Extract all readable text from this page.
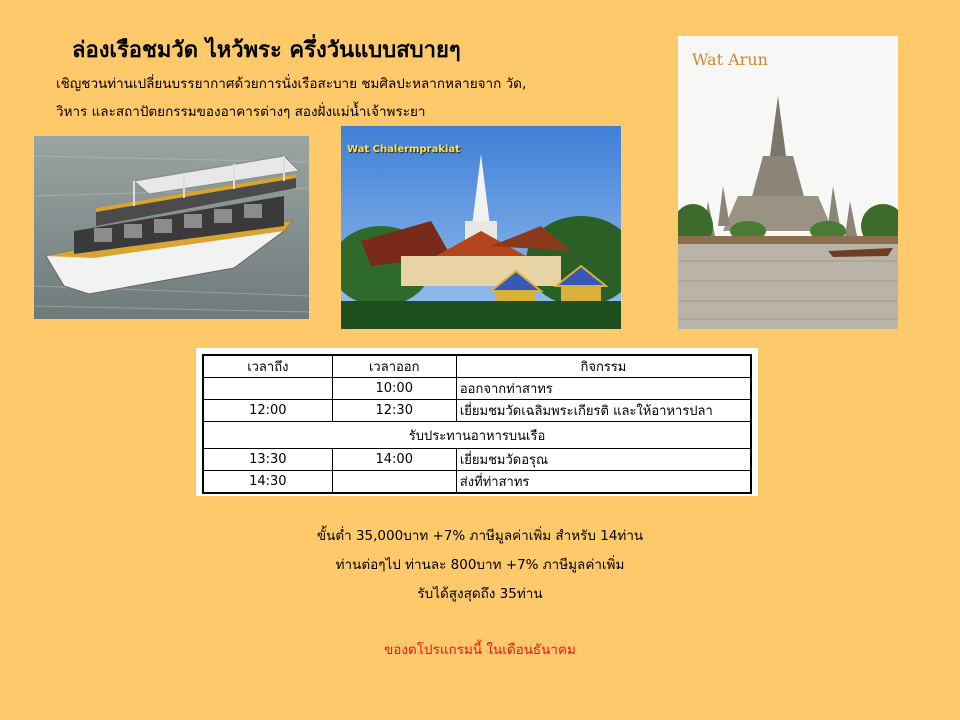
ล่องเรือชมวัด ไหว้พระ ครึ่งวันแบบสบายๆ
เชิญชวนท่านเปลี่ยนบรรยากาศด้วยการนั่งเรือสะบาย ชมศิลปะหลากหลายจาก วัด,
วิหาร และสถาปัตยกรรมของอาคารต่างๆ สองฝั่งแม่น้ำเจ้าพระยา
Wat Chalermprakiat
Wat Arun
เวลาถึง	เวลาออก	กิจกรรม
	10:00	ออกจากท่าสาทร
12:00	12:30	เยี่ยมชมวัดเฉลิมพระเกียรติ และให้อาหารปลา
รับประทานอาหารบนเรือ		
13:30	14:00	เยี่ยมชมวัดอรุณ
14:30		ส่งที่ท่าสาทร
ขั้นต่ำ 35,000บาท +7% ภาษีมูลค่าเพิ่ม สำหรับ 14ท่าน
ท่านต่อๆไป ท่านละ 800บาท +7% ภาษีมูลค่าเพิ่ม
รับได้สูงสุดถึง 35ท่าน
ของดโปรแกรมนี้ ในเดือนธันาคม
